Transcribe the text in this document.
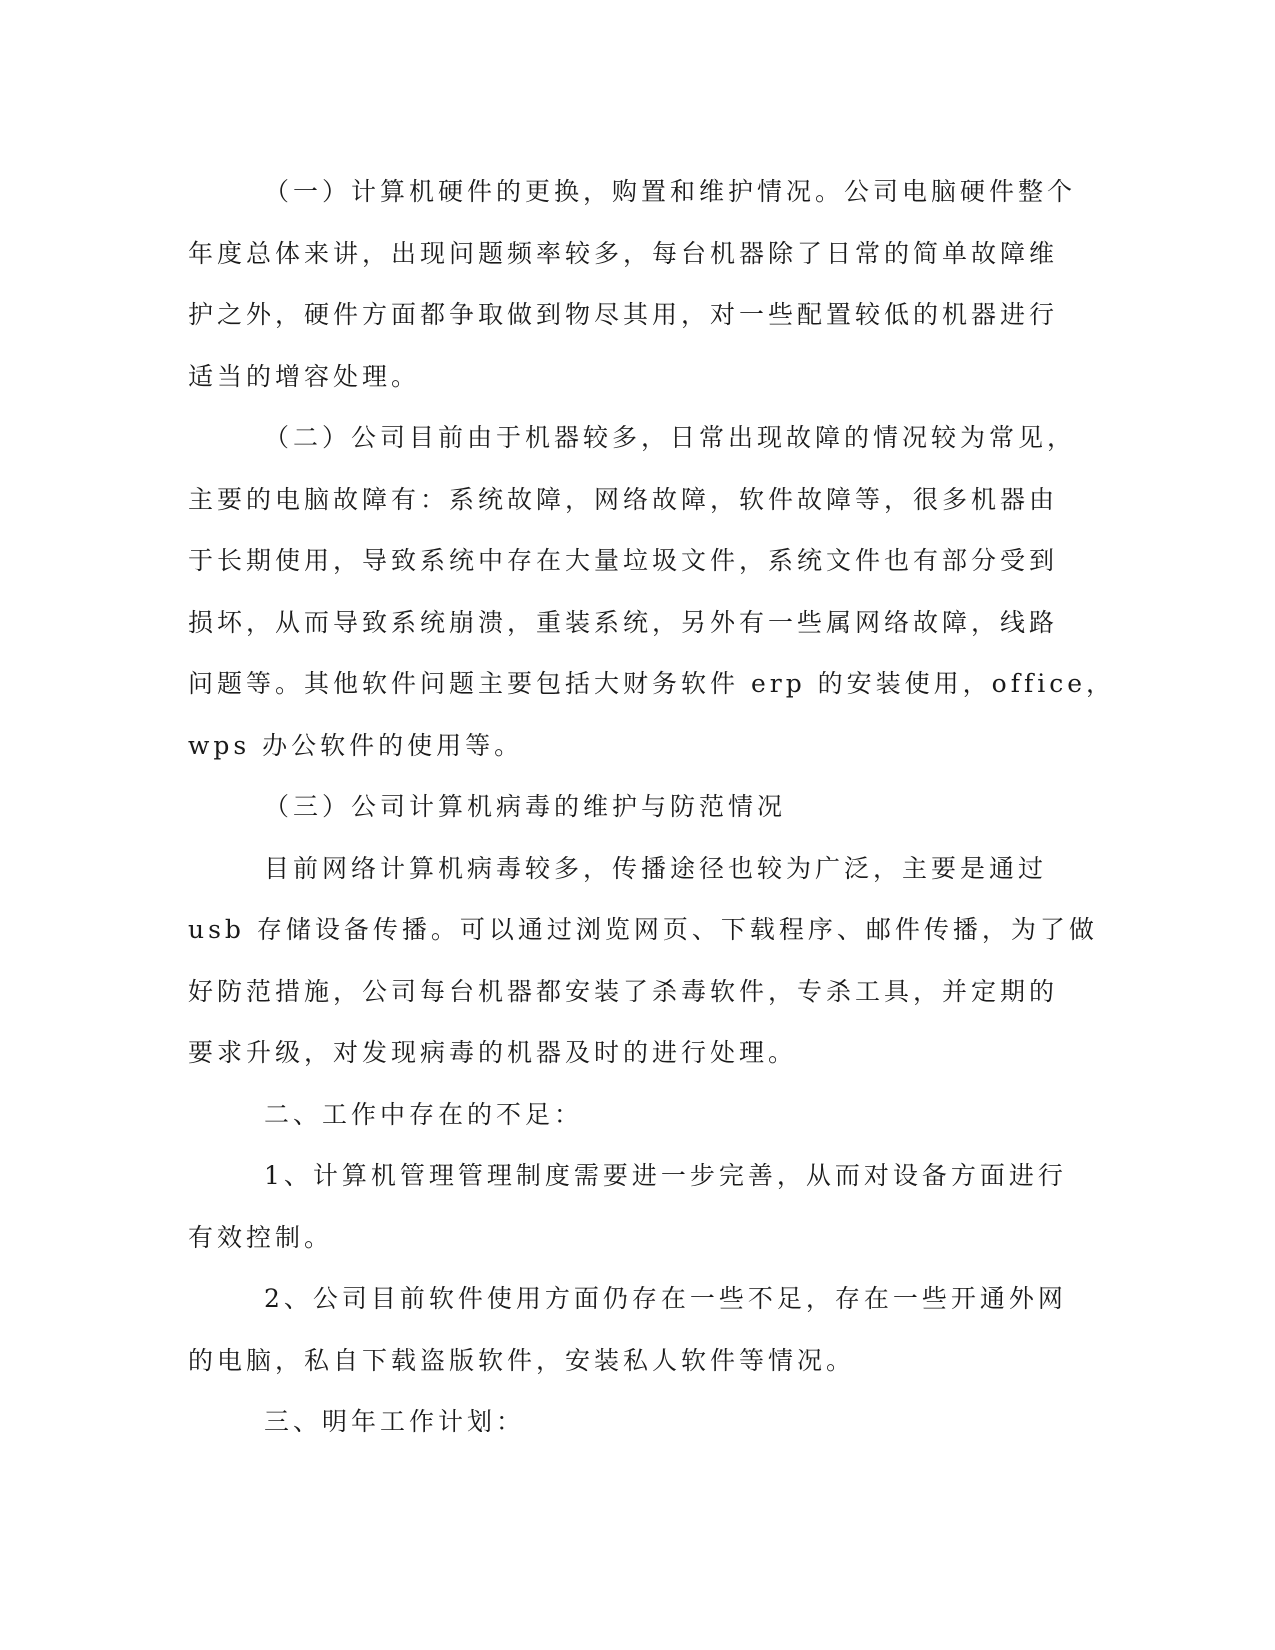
（一）计算机硬件的更换，购置和维护情况。公司电脑硬件整个
年度总体来讲，出现问题频率较多，每台机器除了日常的简单故障维
护之外，硬件方面都争取做到物尽其用，对一些配置较低的机器进行
适当的增容处理。
（二）公司目前由于机器较多，日常出现故障的情况较为常见，
主要的电脑故障有：系统故障，网络故障，软件故障等，很多机器由
于长期使用，导致系统中存在大量垃圾文件，系统文件也有部分受到
损坏，从而导致系统崩溃，重装系统，另外有一些属网络故障，线路
问题等。其他软件问题主要包括大财务软件 erp 的安装使用，office，
wps 办公软件的使用等。
（三）公司计算机病毒的维护与防范情况
目前网络计算机病毒较多，传播途径也较为广泛，主要是通过
usb 存储设备传播。可以通过浏览网页、下载程序、邮件传播，为了做
好防范措施，公司每台机器都安装了杀毒软件，专杀工具，并定期的
要求升级，对发现病毒的机器及时的进行处理。
二、工作中存在的不足：
1、计算机管理管理制度需要进一步完善，从而对设备方面进行
有效控制。
2、公司目前软件使用方面仍存在一些不足，存在一些开通外网
的电脑，私自下载盗版软件，安装私人软件等情况。
三、明年工作计划：
